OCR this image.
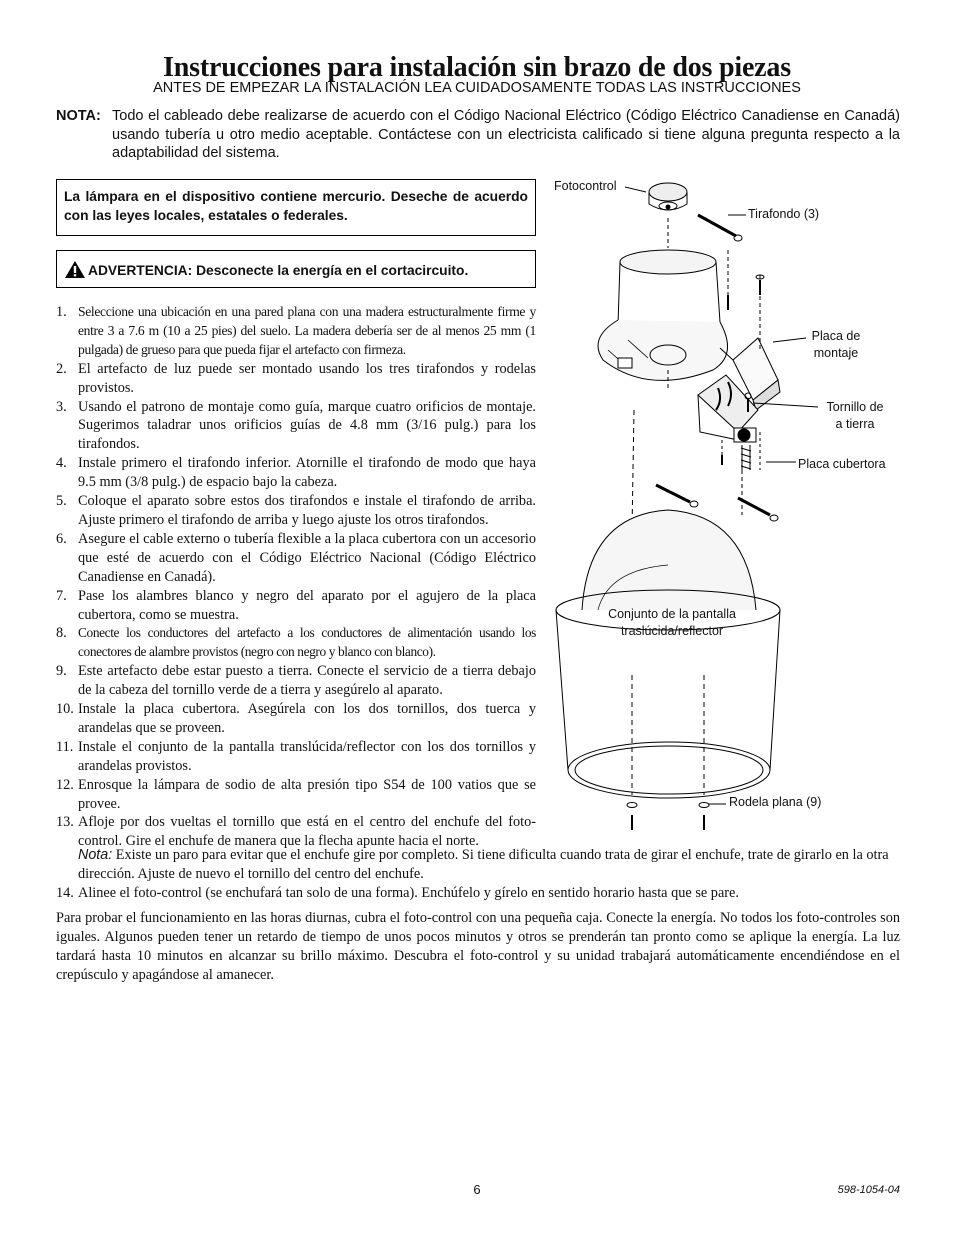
Instrucciones para instalación sin brazo de dos piezas
ANTES DE EMPEZAR LA INSTALACIÓN LEA CUIDADOSAMENTE TODAS LAS INSTRUCCIONES
NOTA: Todo el cableado debe realizarse de acuerdo con el Código Nacional Eléctrico (Código Eléctrico Canadiense en Canadá) usando tubería u otro medio aceptable. Contáctese con un electricista calificado si tiene alguna pregunta respecto a la adaptabilidad del sistema.
La lámpara en el dispositivo contiene mercurio. Deseche de acuerdo con las leyes locales, estatales o federales.
ADVERTENCIA: Desconecte la energía en el cortacircuito.
1. Seleccione una ubicación en una pared plana con una madera estructuralmente firme y entre 3 a 7.6 m (10 a 25 pies) del suelo. La madera debería ser de al menos 25 mm (1 pulgada) de grueso para que pueda fijar el artefacto con firmeza.
2. El artefacto de luz puede ser montado usando los tres tirafondos y rodelas provistos.
3. Usando el patrono de montaje como guía, marque cuatro orificios de montaje. Sugerimos taladrar unos orificios guías de 4.8 mm (3/16 pulg.) para los tirafondos.
4. Instale primero el tirafondo inferior. Atornille el tirafondo de modo que haya 9.5 mm (3/8 pulg.) de espacio bajo la cabeza.
5. Coloque el aparato sobre estos dos tirafondos e instale el tirafondo de arriba. Ajuste primero el tirafondo de arriba y luego ajuste los otros tirafondos.
6. Asegure el cable externo o tubería flexible a la placa cubertora con un accesorio que esté de acuerdo con el Código Eléctrico Nacional (Código Eléctrico Canadiense en Canadá).
7. Pase los alambres blanco y negro del aparato por el agujero de la placa cubertora, como se muestra.
8. Conecte los conductores del artefacto a los conductores de alimentación usando los conectores de alambre provistos (negro con negro y blanco con blanco).
9. Este artefacto debe estar puesto a tierra. Conecte el servicio de a tierra debajo de la cabeza del tornillo verde de a tierra y asegúrelo al aparato.
10. Instale la placa cubertora. Asegúrela con los dos tornillos, dos tuerca y arandelas que se proveen.
11. Instale el conjunto de la pantalla translúcida/reflector con los dos tornillos y arandelas provistos.
12. Enrosque la lámpara de sodio de alta presión tipo S54 de 100 vatios que se provee.
13. Afloje por dos vueltas el tornillo que está en el centro del enchufe del foto-control. Gire el enchufe de manera que la flecha apunte hacia el norte.
Nota: Existe un paro para evitar que el enchufe gire por completo. Si tiene dificulta cuando trata de girar el enchufe, trate de girarlo en la otra dirección. Ajuste de nuevo el tornillo del centro del enchufe.
14. Alinee el foto-control (se enchufará tan solo de una forma). Enchúfelo y gírelo en sentido horario hasta que se pare.
Para probar el funcionamiento en las horas diurnas, cubra el foto-control con una pequeña caja. Conecte la energía. No todos los foto-controles son iguales. Algunos pueden tener un retardo de tiempo de unos pocos minutos y otros se prenderán tan pronto como se aplique la energía. La luz tardará hasta 10 minutos en alcanzar su brillo máximo. Descubra el foto-control y su unidad trabajará automáticamente encendiéndose en el crepúsculo y apagándose al amanecer.
Fotocontrol
Tirafondo (3)
Placa de
montaje
Tornillo de
a tierra
Placa cubertora
Conjunto de la pantalla
traslúcida/reflector
Rodela plana (9)
6	598-1054-04
